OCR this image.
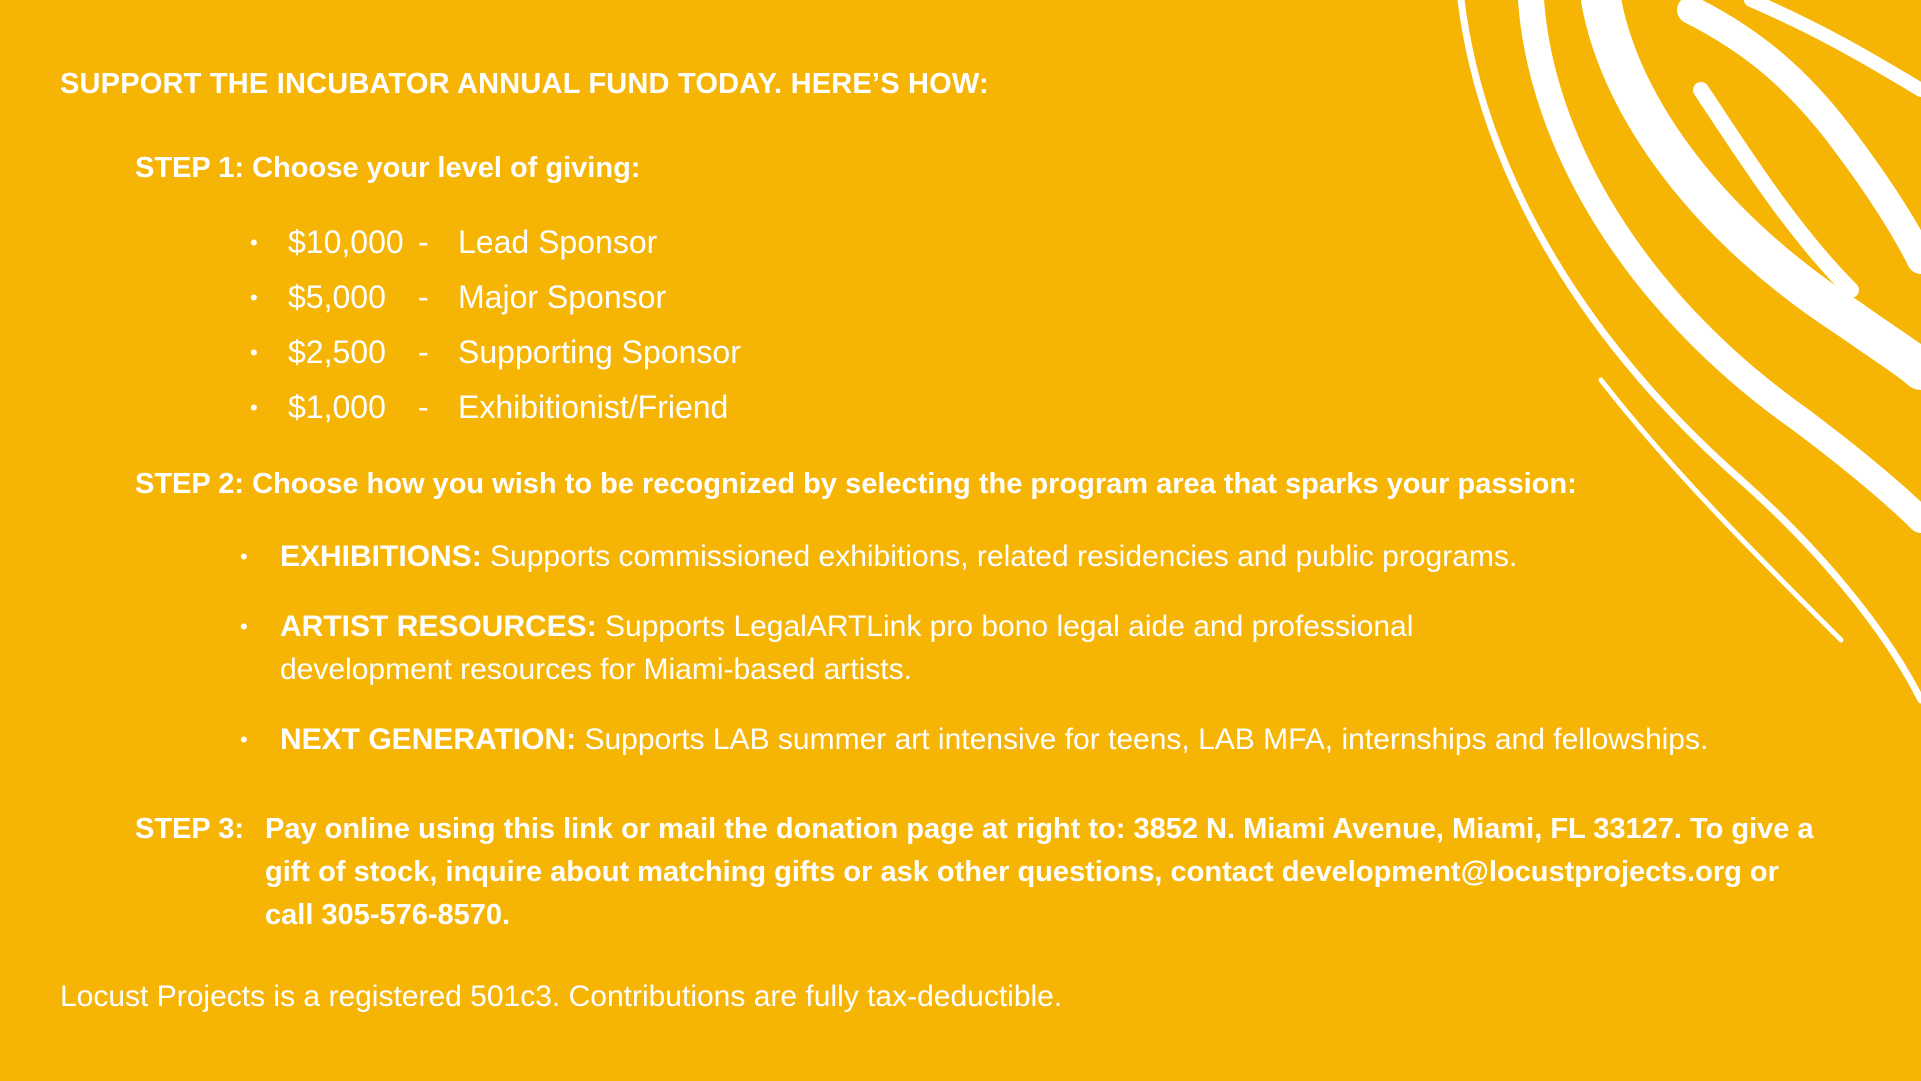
SUPPORT THE INCUBATOR ANNUAL FUND TODAY. HERE’S HOW:
STEP 1: Choose your level of giving:
• $10,000 - Lead Sponsor
• $5,000	- Major Sponsor
• $2,500	- Supporting Sponsor
• $1,000	- Exhibitionist/Friend
STEP 2: Choose how you wish to be recognized by selecting the program area that sparks your passion:
•	EXHIBITIONS: Supports commissioned exhibitions, related residencies and public programs.
•	ARTIST RESOURCES: Supports LegalARTLink pro bono legal aide and professional development resources for Miami-based artists.
•	NEXT GENERATION: Supports LAB summer art intensive for teens, LAB MFA, internships and fellowships.
STEP 3: Pay online using this link or mail the donation page at right to: 3852 N. Miami Avenue, Miami, FL 33127. To give a gift of stock, inquire about matching gifts or ask other questions, contact development@locustprojects.org or call 305-576-8570.
Locust Projects is a registered 501c3. Contributions are fully tax-deductible.
